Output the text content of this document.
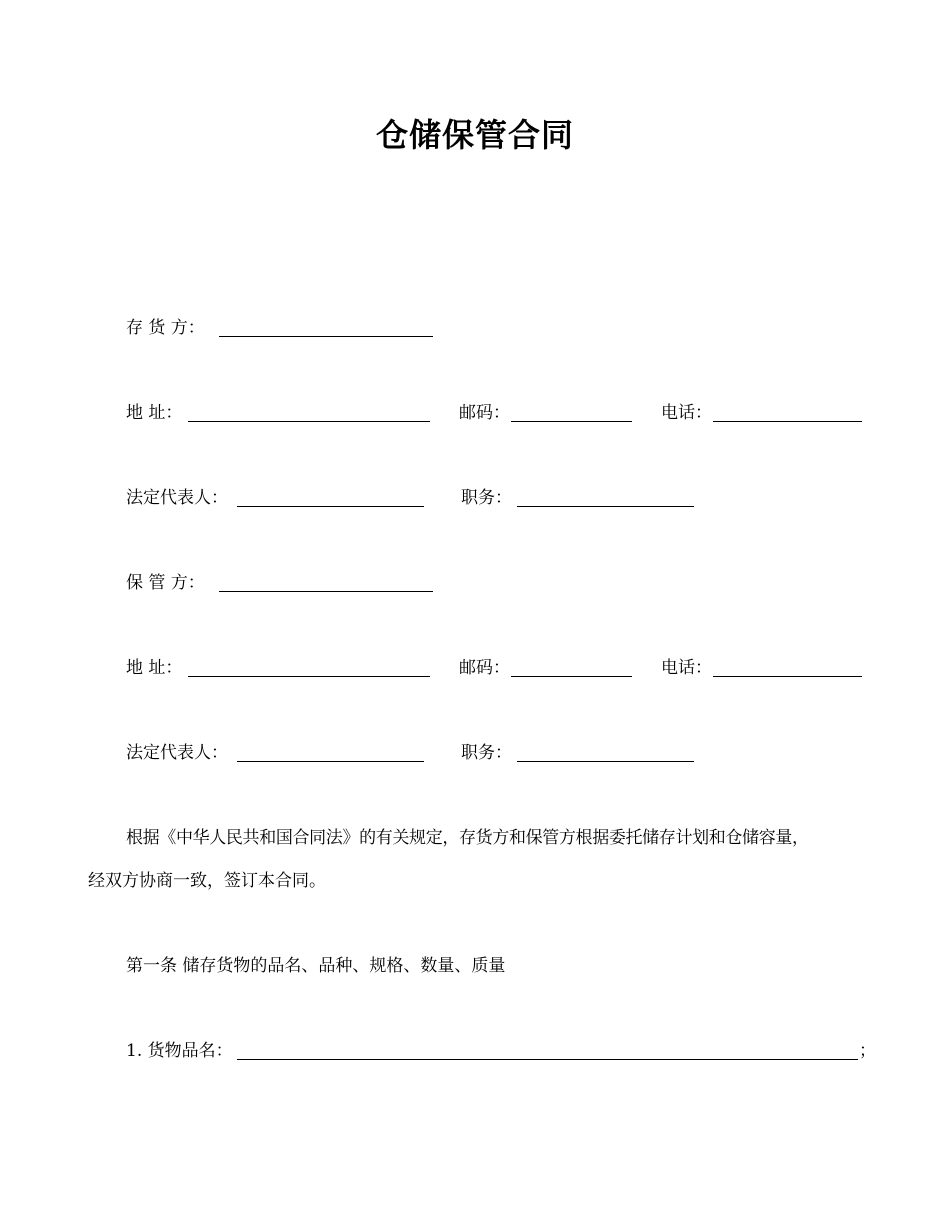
仓储保管合同
存 货 方：
地 址：	邮码：	电话：
法定代表人：	职务：
保 管 方：
地 址：	邮码：	电话：
法定代表人：	职务：
根据《中华人民共和国合同法》的有关规定，存货方和保管方根据委托储存计划和仓储容量，
经双方协商一致，签订本合同。
第一条 储存货物的品名、品种、规格、数量、质量
1. 货物品名：	；
